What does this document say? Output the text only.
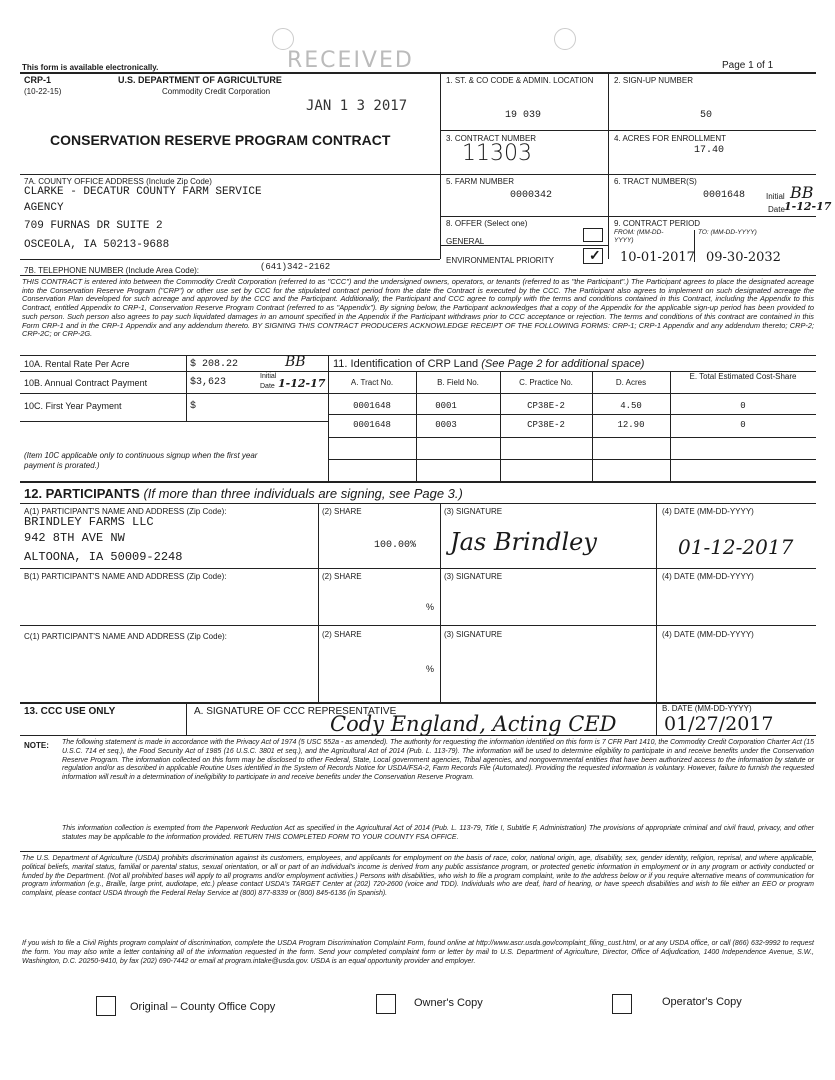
This form is available electronically.	RECEIVED	Page 1 of 1
CRP-1
(10-22-15)
U.S. DEPARTMENT OF AGRICULTURE
Commodity Credit Corporation
JAN 1 3 2017
CONSERVATION RESERVE PROGRAM CONTRACT
1. ST. & CO CODE & ADMIN. LOCATION
19 039
2. SIGN-UP NUMBER
50
3. CONTRACT NUMBER
11303
4. ACRES FOR ENROLLMENT
17.40
7A. COUNTY OFFICE ADDRESS (Include Zip Code)
CLARKE - DECATUR COUNTY FARM SERVICE
AGENCY
709 FURNAS DR SUITE 2
OSCEOLA, IA 50213-9688
5. FARM NUMBER
0000342
6. TRACT NUMBER(S)
0001648	Initial BB
Date 1-12-17
8. OFFER (Select one)
GENERAL
ENVIRONMENTAL PRIORITY ✓
9. CONTRACT PERIOD
FROM: (MM-DD-YYYY)
TO: (MM-DD-YYYY)
10-01-2017 09-30-2032
7B. TELEPHONE NUMBER (Include Area Code):	(641)342-2162
THIS CONTRACT is entered into between the Commodity Credit Corporation (referred to as "CCC") and the undersigned owners, operators, or tenants (referred to as "the Participant".) The Participant agrees to place the designated acreage into the Conservation Reserve Program ("CRP") or other use set by CCC for the stipulated contract period from the date the Contract is executed by the CCC. The Participant also agrees to implement on such designated acreage the Conservation Plan developed for such acreage and approved by the CCC and the Participant. Additionally, the Participant and CCC agree to comply with the terms and conditions contained in this Contract, including the Appendix to this Contract, entitled Appendix to CRP-1, Conservation Reserve Program Contract (referred to as "Appendix"). By signing below, the Participant acknowledges that a copy of the Appendix for the applicable sign-up period has been provided to such person. Such person also agrees to pay such liquidated damages in an amount specified in the Appendix if the Participant withdraws prior to CCC acceptance or rejection. The terms and conditions of this contract are contained in this Form CRP-1 and in the CRP-1 Appendix and any addendum thereto. BY SIGNING THIS CONTRACT PRODUCERS ACKNOWLEDGE RECEIPT OF THE FOLLOWING FORMS: CRP-1; CRP-1 Appendix and any addendum thereto; CRP-2; CRP-2C; or CRP-2G.
10A. Rental Rate Per Acre	$ 208.22	BB
10B. Annual Contract Payment	$3,623
Initial
Date 1-12-17
10C. First Year Payment	$
(Item 10C applicable only to continuous signup when the first year payment is prorated.)
11. Identification of CRP Land (See Page 2 for additional space)
A. Tract No.	B. Field No.	C. Practice No.	D. Acres
E. Total Estimated Cost-Share
0001648	0001	CP38E-2	4.50	0
0001648	0003	CP38E-2	12.90	0
12. PARTICIPANTS (If more than three individuals are signing, see Page 3.)
A(1) PARTICIPANT'S NAME AND ADDRESS (Zip Code):
BRINDLEY FARMS LLC
942 8TH AVE NW
ALTOONA, IA 50009-2248
(2) SHARE
100.00%
(3) SIGNATURE
Jas Brindley
(4) DATE (MM-DD-YYYY)
01-12-2017
B(1) PARTICIPANT'S NAME AND ADDRESS (Zip Code):	(2) SHARE
%
(3) SIGNATURE	(4) DATE (MM-DD-YYYY)
C(1) PARTICIPANT'S NAME AND ADDRESS (Zip Code):	(2) SHARE
%
(3) SIGNATURE	(4) DATE (MM-DD-YYYY)
13. CCC USE ONLY	A. SIGNATURE OF CCC REPRESENTATIVE
Cody England, Acting CED
B. DATE (MM-DD-YYYY)
01/27/2017
NOTE: The following statement is made in accordance with the Privacy Act of 1974 (5 USC 552a - as amended). The authority for requesting the information identified on this form is 7 CFR Part 1410, the Commodity Credit Corporation Charter Act (15 U.S.C. 714 et seq.), the Food Security Act of 1985 (16 U.S.C. 3801 et seq.), and the Agricultural Act of 2014 (Pub. L. 113-79). The information will be used to determine eligibility to participate in and receive benefits under the Conservation Reserve Program. The information collected on this form may be disclosed to other Federal, State, Local government agencies, Tribal agencies, and nongovernmental entities that have been authorized access to the information by statute or regulation and/or as described in applicable Routine Uses identified in the System of Records Notice for USDA/FSA-2, Farm Records File (Automated). Providing the requested information is voluntary. However, failure to furnish the requested information will result in a determination of ineligibility to participate in and receive benefits under the Conservation Reserve Program.
This information collection is exempted from the Paperwork Reduction Act as specified in the Agricultural Act of 2014 (Pub. L. 113-79, Title I, Subtitle F, Administration) The provisions of appropriate criminal and civil fraud, privacy, and other statutes may be applicable to the information provided. RETURN THIS COMPLETED FORM TO YOUR COUNTY FSA OFFICE.
The U.S. Department of Agriculture (USDA) prohibits discrimination against its customers, employees, and applicants for employment on the basis of race, color, national origin, age, disability, sex, gender identity, religion, reprisal, and where applicable, political beliefs, marital status, familial or parental status, sexual orientation, or all or part of an individual's income is derived from any public assistance program, or protected genetic information in employment or in any program or activity conducted or funded by the Department. (Not all prohibited bases will apply to all programs and/or employment activities.) Persons with disabilities, who wish to file a program complaint, write to the address below or if you require alternative means of communication for program information (e.g., Braille, large print, audiotape, etc.) please contact USDA's TARGET Center at (202) 720-2600 (voice and TDD). Individuals who are deaf, hard of hearing, or have speech disabilities and wish to file either an EEO or program complaint, please contact USDA through the Federal Relay Service at (800) 877-8339 or (800) 845-6136 (in Spanish).
If you wish to file a Civil Rights program complaint of discrimination, complete the USDA Program Discrimination Complaint Form, found online at http://www.ascr.usda.gov/complaint_filing_cust.html, or at any USDA office, or call (866) 632-9992 to request the form. You may also write a letter containing all of the information requested in the form. Send your completed complaint form or letter by mail to U.S. Department of Agriculture, Director, Office of Adjudication, 1400 Independence Avenue, S.W., Washington, D.C. 20250-9410, by fax (202) 690-7442 or email at program.intake@usda.gov. USDA is an equal opportunity provider and employer.
Original – County Office Copy	Owner's Copy	Operator's Copy
